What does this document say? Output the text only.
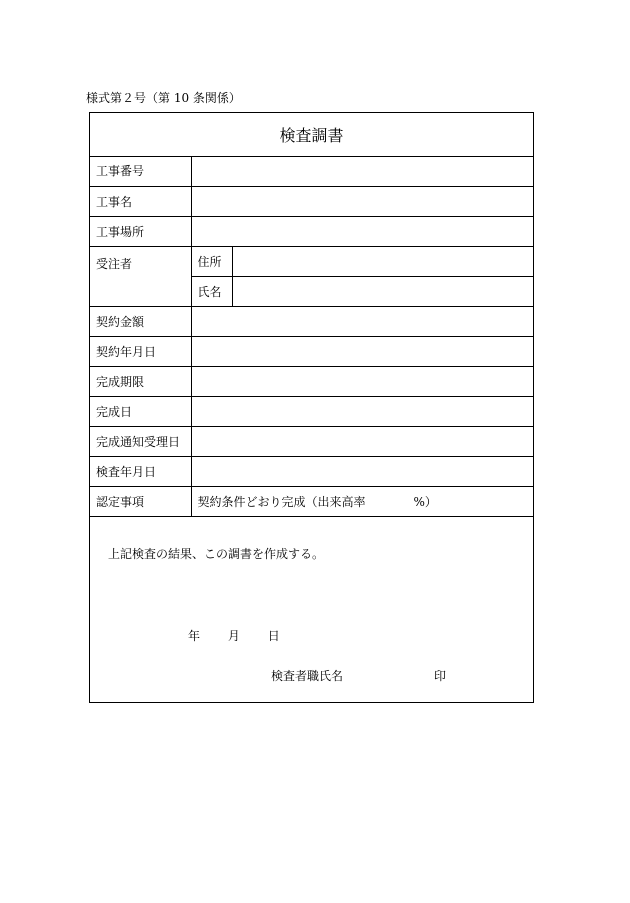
様式第２号（第 10 条関係）
検査調書
工事番号		
工事名		
工事場所		
受注者	住所	
	氏名	
契約金額		
契約年月日		
完成期限		
完成日		
完成通知受理日		
検査年月日		
認定事項	契約条件どおり完成（出来高率 %）	
上記検査の結果、この調書を作成する。
年 月 日
検査者職氏名	印
